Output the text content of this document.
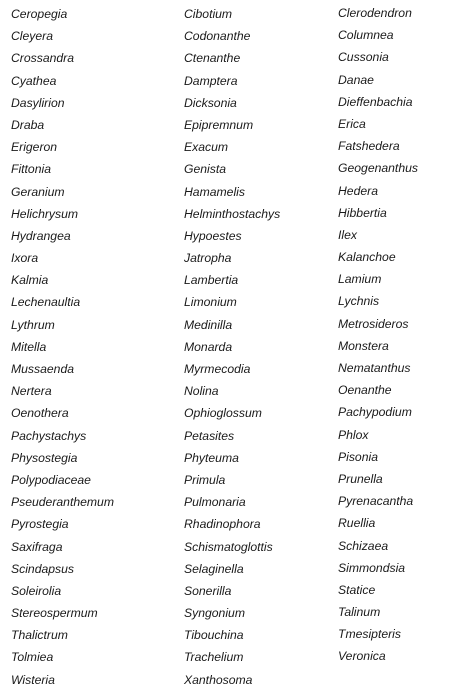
Ceropegia
Cleyera
Crossandra
Cyathea
Dasylirion
Draba
Erigeron
Fittonia
Geranium
Helichrysum
Hydrangea
Ixora
Kalmia
Lechenaultia
Lythrum
Mitella
Mussaenda
Nertera
Oenothera
Pachystachys
Physostegia
Polypodiaceae
Pseuderanthemum
Pyrostegia
Saxifraga
Scindapsus
Soleirolia
Stereospermum
Thalictrum
Tolmiea
Wisteria
Cibotium
Codonanthe
Ctenanthe
Damptera
Dicksonia
Epipremnum
Exacum
Genista
Hamamelis
Helminthostachys
Hypoestes
Jatropha
Lambertia
Limonium
Medinilla
Monarda
Myrmecodia
Nolina
Ophioglossum
Petasites
Phyteuma
Primula
Pulmonaria
Rhadinophora
Schismatoglottis
Selaginella
Sonerilla
Syngonium
Tibouchina
Trachelium
Xanthosoma
Clerodendron
Columnea
Cussonia
Danae
Dieffenbachia
Erica
Fatshedera
Geogenanthus
Hedera
Hibbertia
Ilex
Kalanchoe
Lamium
Lychnis
Metrosideros
Monstera
Nematanthus
Oenanthe
Pachypodium
Phlox
Pisonia
Prunella
Pyrenacantha
Ruellia
Schizaea
Simmondsia
Statice
Talinum
Tmesipteris
Veronica
